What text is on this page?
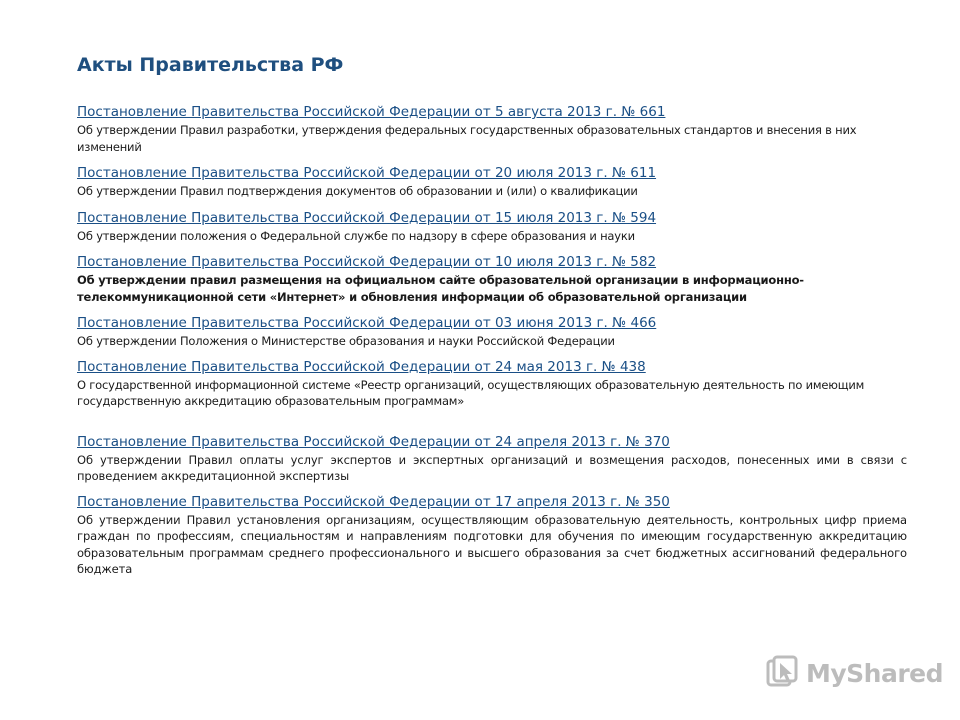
Акты Правительства РФ
Постановление Правительства Российской Федерации от 5 августа 2013 г. № 661

Об утверждении Правил разработки, утверждения федеральных государственных образовательных стандартов и внесения в них изменений

Постановление Правительства Российской Федерации от 20 июля 2013 г. № 611

Об утверждении Правил подтверждения документов об образовании и (или) о квалификации

Постановление Правительства Российской Федерации от 15 июля 2013 г. № 594

Об утверждении положения о Федеральной службе по надзору в сфере образования и науки

Постановление Правительства Российской Федерации от 10 июля 2013 г. № 582

Об утверждении правил размещения на официальном сайте образовательной организации в информационно-телекоммуникационной сети «Интернет» и обновления информации об образовательной организации

Постановление Правительства Российской Федерации от 03 июня 2013 г. № 466

Об утверждении Положения о Министерстве образования и науки Российской Федерации

Постановление Правительства Российской Федерации от 24 мая 2013 г. № 438

О государственной информационной системе «Реестр организаций, осуществляющих образовательную деятельность по имеющим государственную аккредитацию образовательным программам»

Постановление Правительства Российской Федерации от 24 апреля 2013 г. № 370

Об утверждении Правил оплаты услуг экспертов и экспертных организаций и возмещения расходов, понесенных ими в связи с проведением аккредитационной экспертизы

Постановление Правительства Российской Федерации от 17 апреля 2013 г. № 350

Об утверждении Правил установления организациям, осуществляющим образовательную деятельность, контрольных цифр приема граждан по профессиям, специальностям и направлениям подготовки для обучения по имеющим государственную аккредитацию образовательным программам среднего профессионального и высшего образования за счет бюджетных ассигнований федерального бюджета

MyShared
